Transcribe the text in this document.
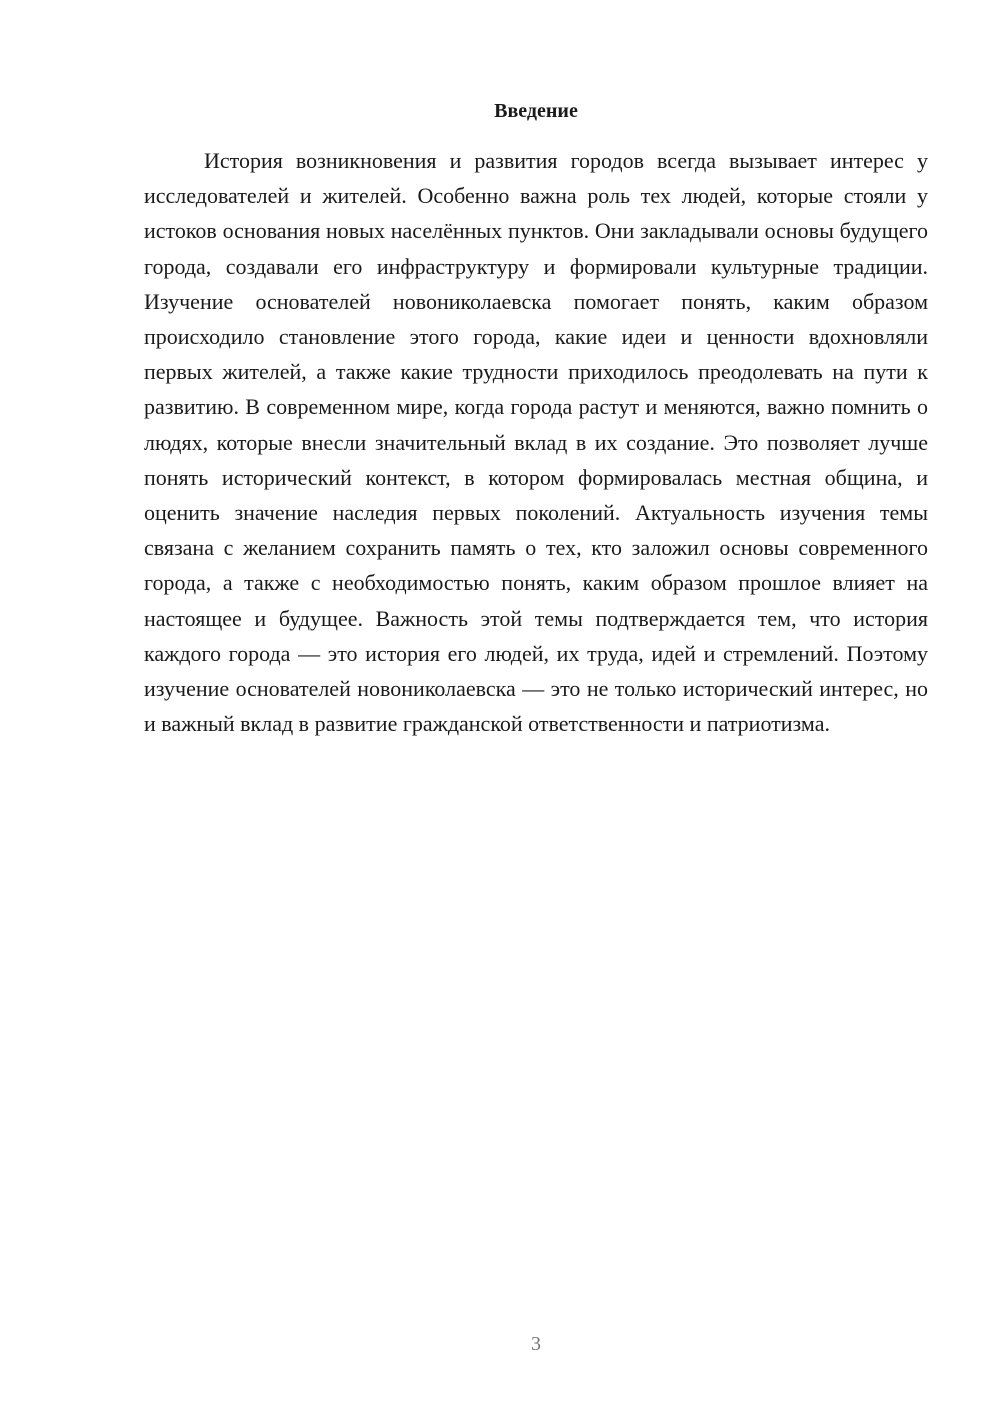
Введение

История возникновения и развития городов всегда вызывает интерес у исследователей и жителей. Особенно важна роль тех людей, которые стояли у истоков основания новых населённых пунктов. Они закладывали основы будущего города, создавали его инфраструктуру и формировали культурные традиции. Изучение основателей новониколаевска помогает понять, каким образом происходило становление этого города, какие идеи и ценности вдохновляли первых жителей, а также какие трудности приходилось преодолевать на пути к развитию. В современном мире, когда города растут и меняются, важно помнить о людях, которые внесли значительный вклад в их создание. Это позволяет лучше понять исторический контекст, в котором формировалась местная община, и оценить значение наследия первых поколений. Актуальность изучения темы связана с желанием сохранить память о тех, кто заложил основы современного города, а также с необходимостью понять, каким образом прошлое влияет на настоящее и будущее. Важность этой темы подтверждается тем, что история каждого города — это история его людей, их труда, идей и стремлений. Поэтому изучение основателей новониколаевска — это не только исторический интерес, но и важный вклад в развитие гражданской ответственности и патриотизма.

3
